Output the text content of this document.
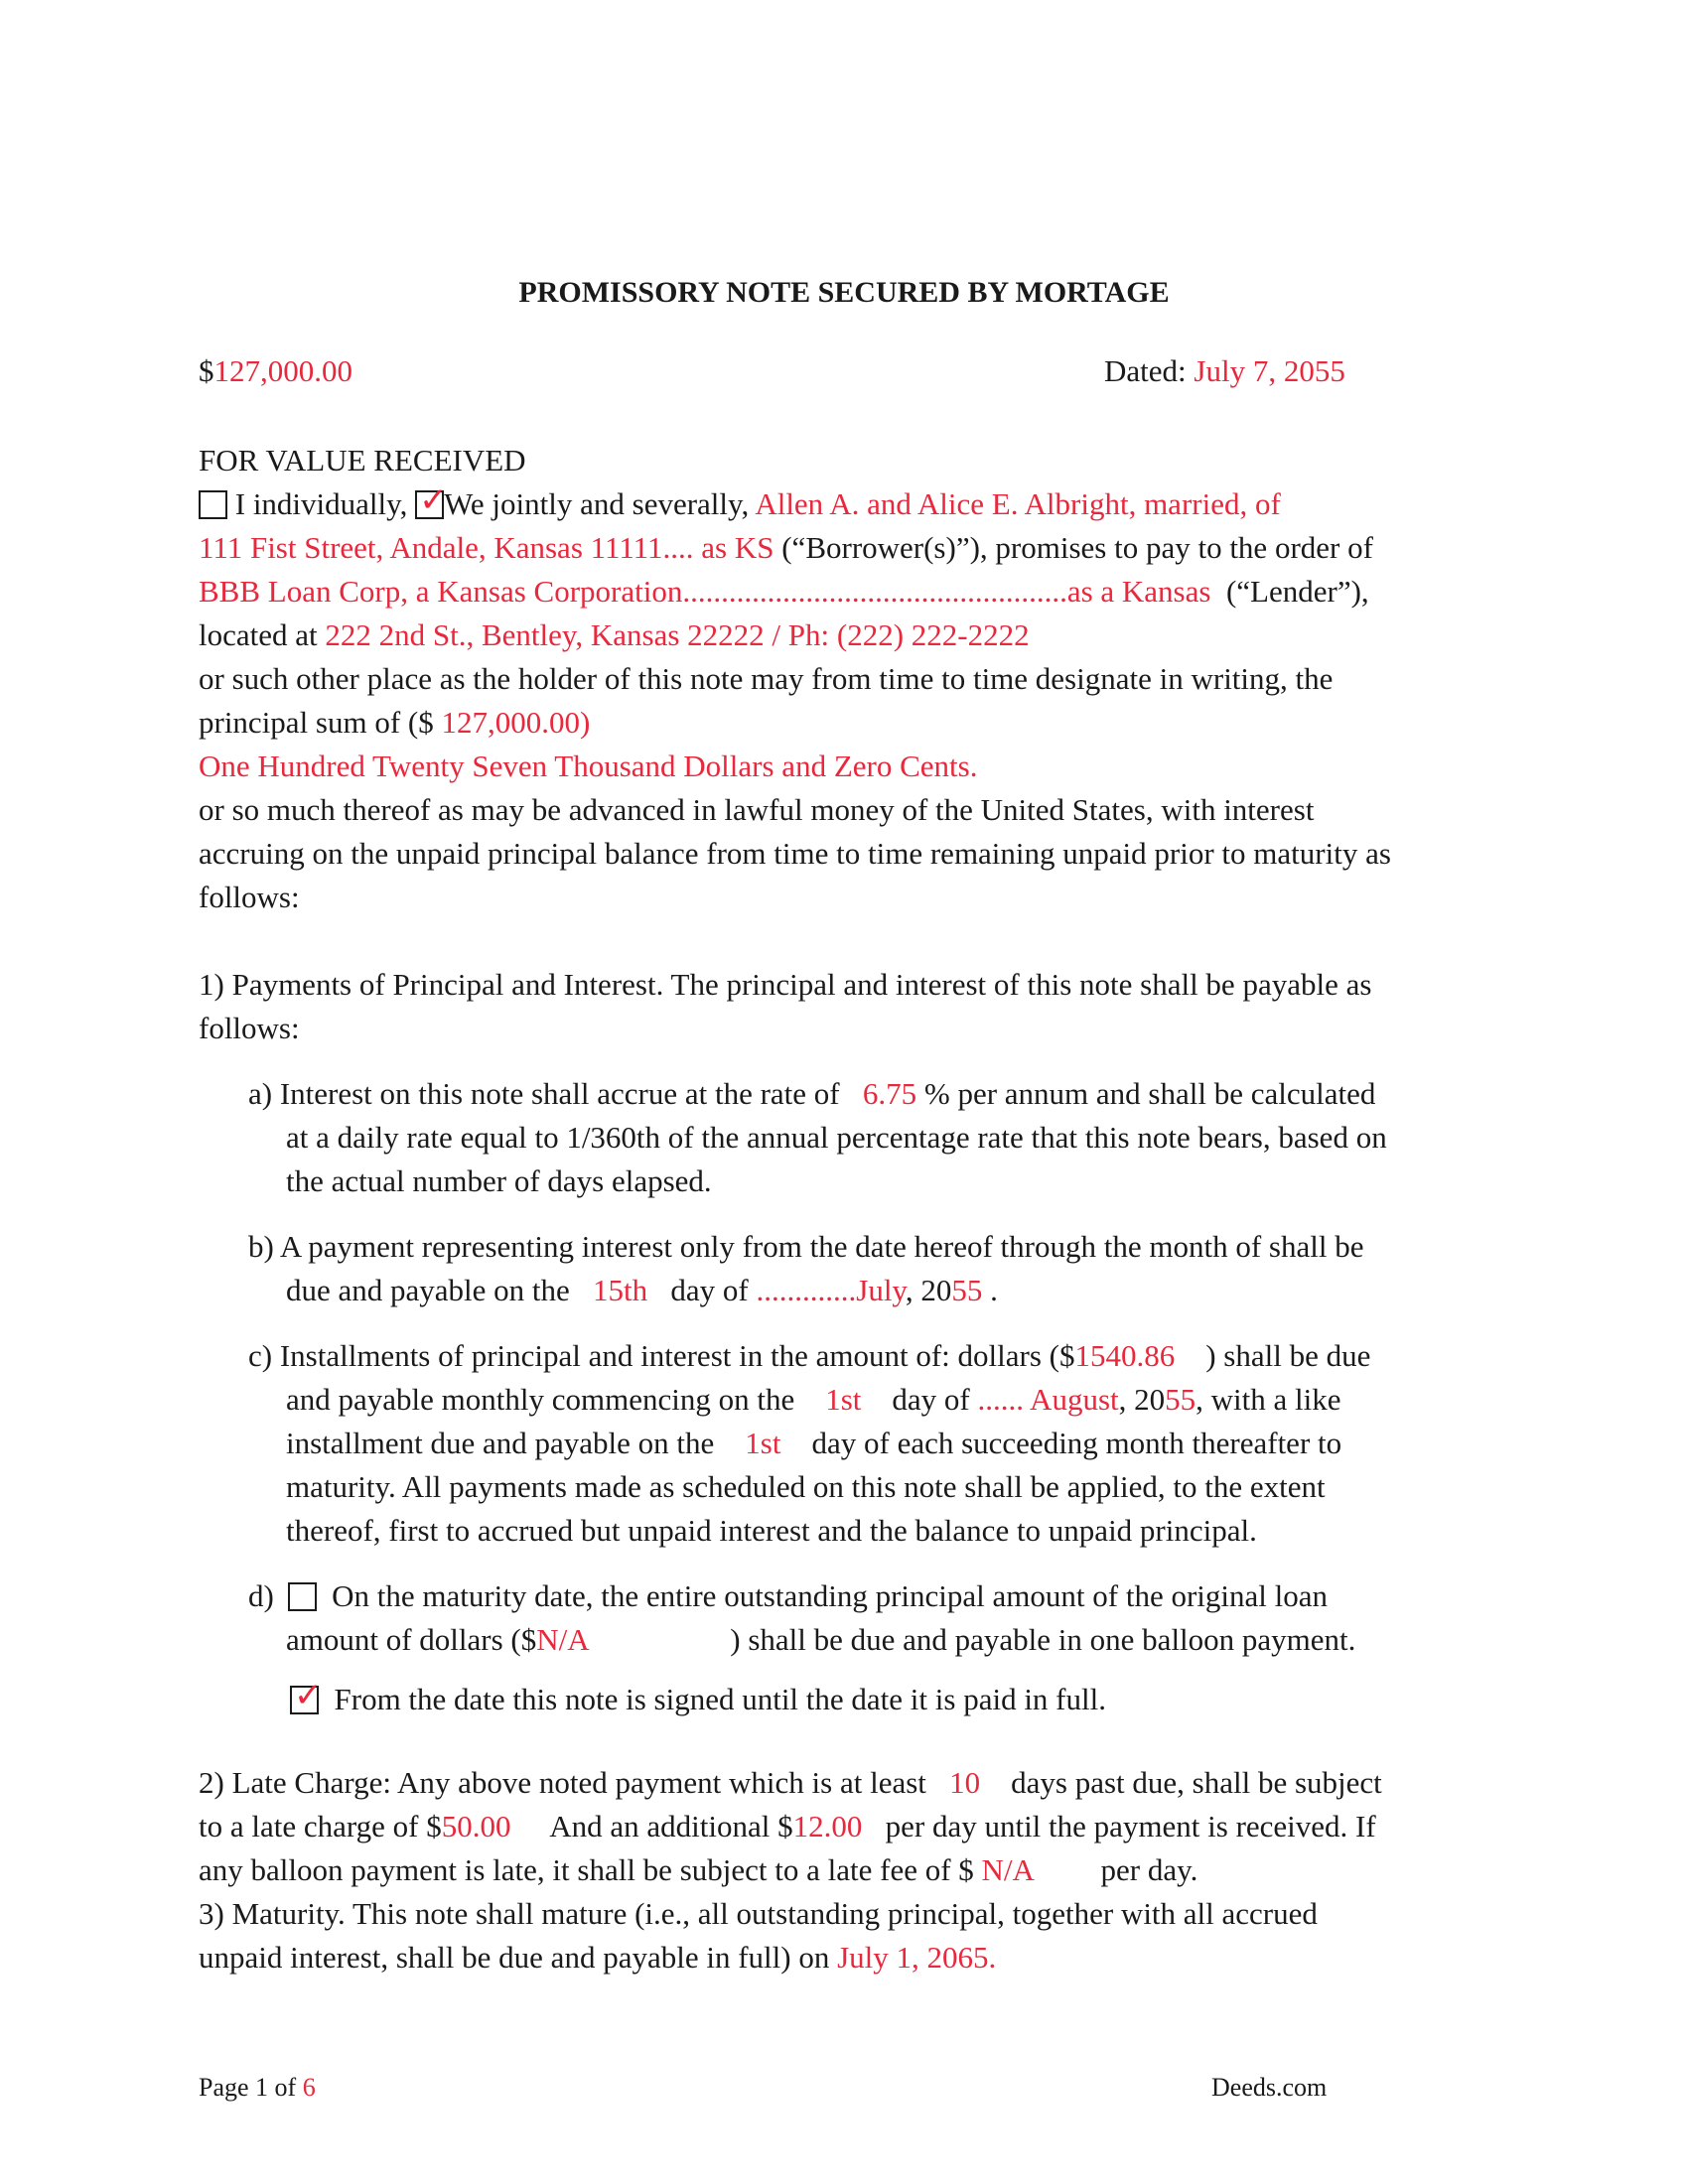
PROMISSORY NOTE SECURED BY MORTAGE
$127,000.00	Dated: July 7, 2055
FOR VALUE RECEIVED
I individually, ✓
We jointly and severally, Allen A. and Alice E. Albright, married, of
111 Fist Street, Andale, Kansas 11111.... as KS (“Borrower(s)”), promises to pay to the order of
BBB Loan Corp, a Kansas Corporation..................................................as a Kansas (“Lender”),
located at 222 2nd St., Bentley, Kansas 22222 / Ph: (222) 222-2222
or such other place as the holder of this note may from time to time designate in writing, the
principal sum of ($ 127,000.00)
One Hundred Twenty Seven Thousand Dollars and Zero Cents.
or so much thereof as may be advanced in lawful money of the United States, with interest
accruing on the unpaid principal balance from time to time remaining unpaid prior to maturity as
follows:
1) Payments of Principal and Interest. The principal and interest of this note shall be payable as
follows:
a) Interest on this note shall accrue at the rate of 6.75 % per annum and shall be calculated
at a daily rate equal to 1/360th of the annual percentage rate that this note bears, based on
the actual number of days elapsed.
b) A payment representing interest only from the date hereof through the month of shall be
due and payable on the 15th day of .............July, 2055 .
c) Installments of principal and interest in the amount of: dollars ($1540.86 ) shall be due
and payable monthly commencing on the 1st day of ...... August, 2055, with a like
installment due and payable on the 1st day of each succeeding month thereafter to
maturity. All payments made as scheduled on this note shall be applied, to the extent
thereof, first to accrued but unpaid interest and the balance to unpaid principal.
d) On the maturity date, the entire outstanding principal amount of the original loan
amount of dollars ($N/A	) shall be due and payable in one balloon payment.
✓ From the date this note is signed until the date it is paid in full.
2) Late Charge: Any above noted payment which is at least 10 days past due, shall be subject
to a late charge of $50.00 And an additional $12.00 per day until the payment is received. If
any balloon payment is late, it shall be subject to a late fee of $ N/A per day.
3) Maturity. This note shall mature (i.e., all outstanding principal, together with all accrued
unpaid interest, shall be due and payable in full) on July 1, 2065.
Page 1 of 6	Deeds.com
